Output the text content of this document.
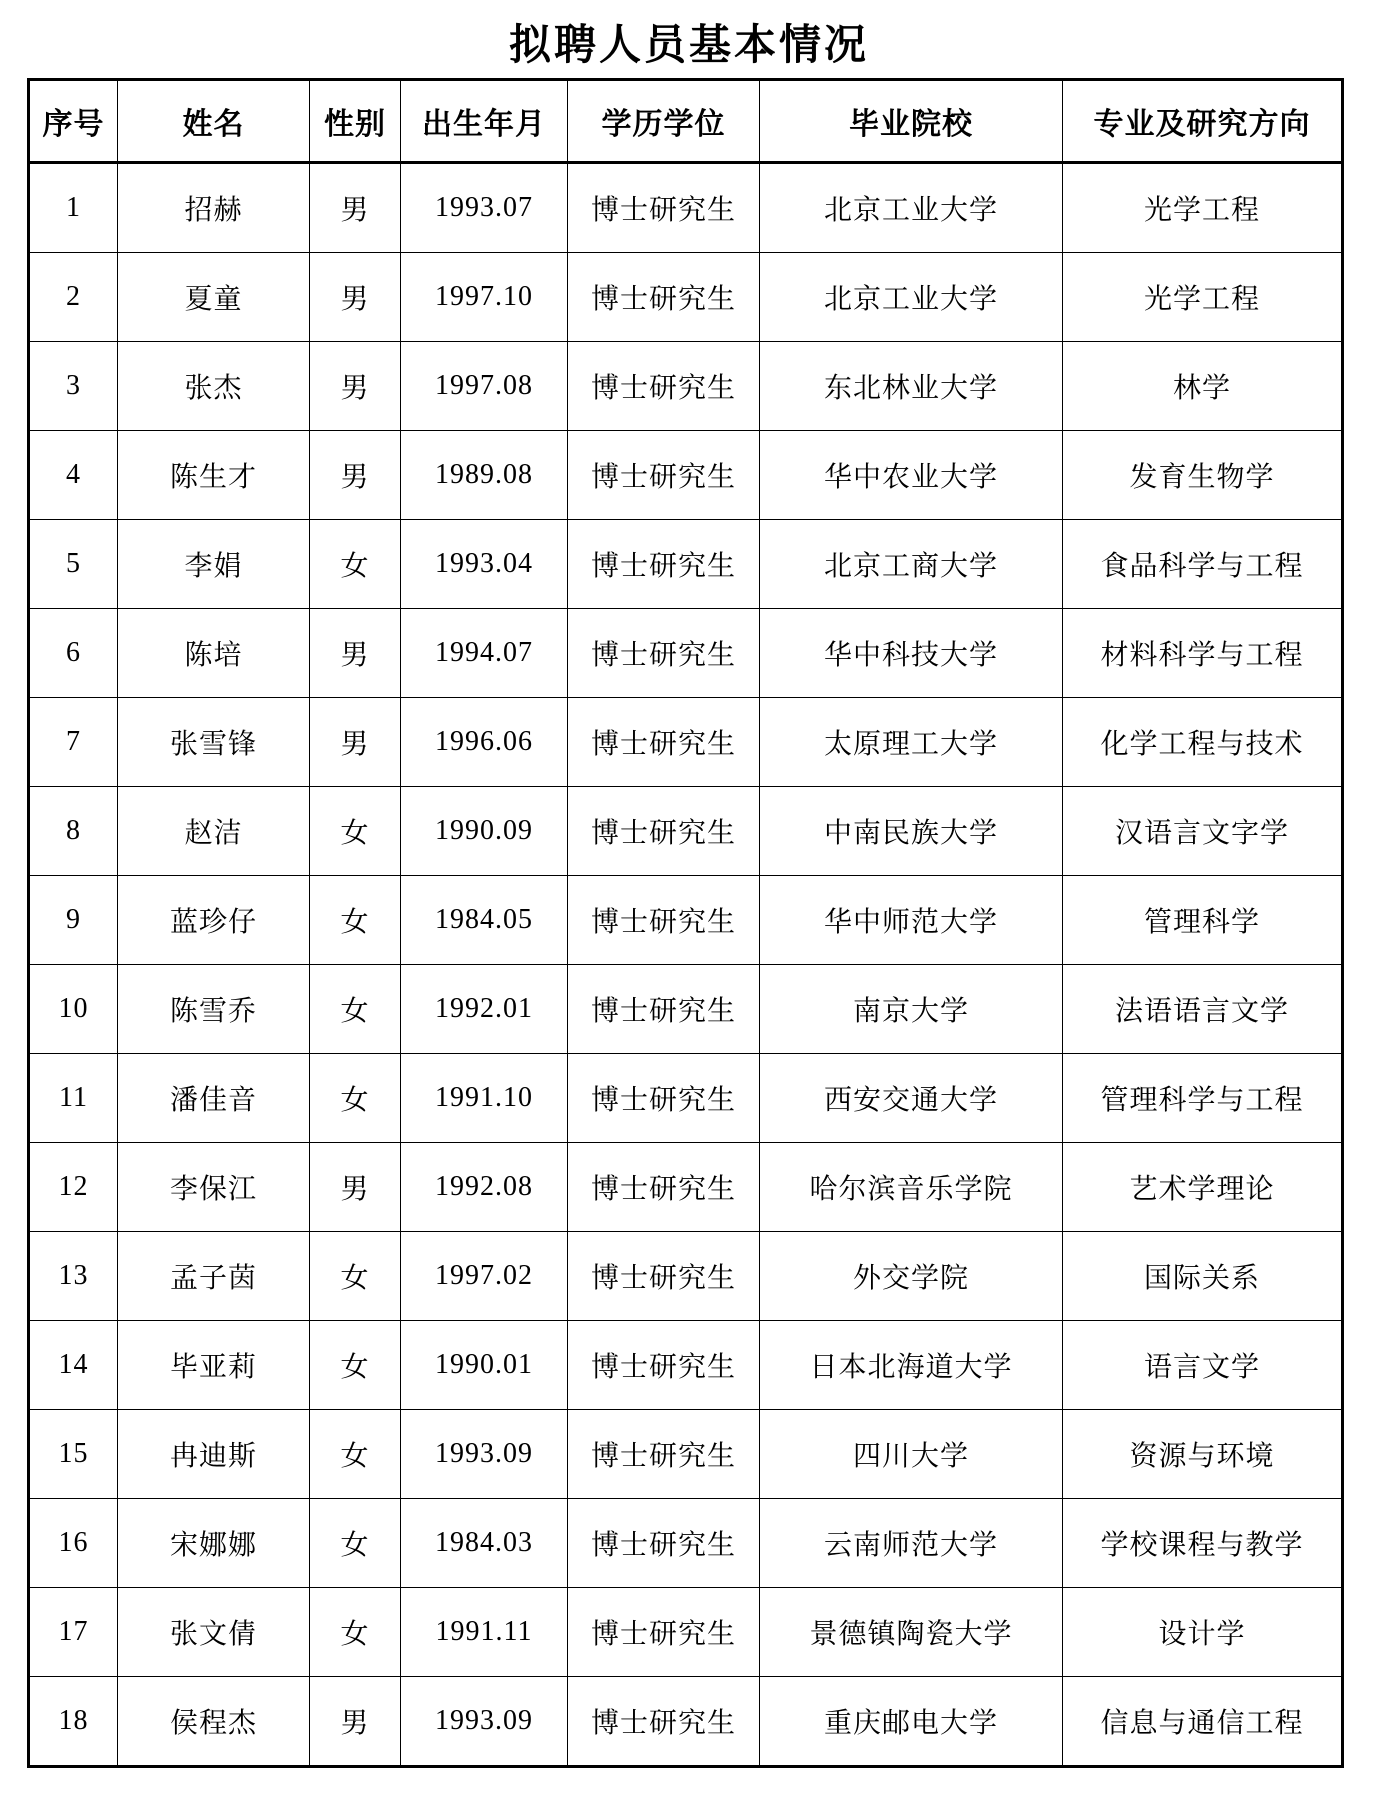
拟聘人员基本情况
序号	姓名	性别	出生年月	学历学位	毕业院校	专业及研究方向
1	招赫	男	1993.07	博士研究生	北京工业大学	光学工程
2	夏童	男	1997.10	博士研究生	北京工业大学	光学工程
3	张杰	男	1997.08	博士研究生	东北林业大学	林学
4	陈生才	男	1989.08	博士研究生	华中农业大学	发育生物学
5	李娟	女	1993.04	博士研究生	北京工商大学	食品科学与工程
6	陈培	男	1994.07	博士研究生	华中科技大学	材料科学与工程
7	张雪锋	男	1996.06	博士研究生	太原理工大学	化学工程与技术
8	赵洁	女	1990.09	博士研究生	中南民族大学	汉语言文字学
9	蓝珍仔	女	1984.05	博士研究生	华中师范大学	管理科学
10	陈雪乔	女	1992.01	博士研究生	南京大学	法语语言文学
11	潘佳音	女	1991.10	博士研究生	西安交通大学	管理科学与工程
12	李保江	男	1992.08	博士研究生	哈尔滨音乐学院	艺术学理论
13	孟子茵	女	1997.02	博士研究生	外交学院	国际关系
14	毕亚莉	女	1990.01	博士研究生	日本北海道大学	语言文学
15	冉迪斯	女	1993.09	博士研究生	四川大学	资源与环境
16	宋娜娜	女	1984.03	博士研究生	云南师范大学	学校课程与教学
17	张文倩	女	1991.11	博士研究生	景德镇陶瓷大学	设计学
18	侯程杰	男	1993.09	博士研究生	重庆邮电大学	信息与通信工程
